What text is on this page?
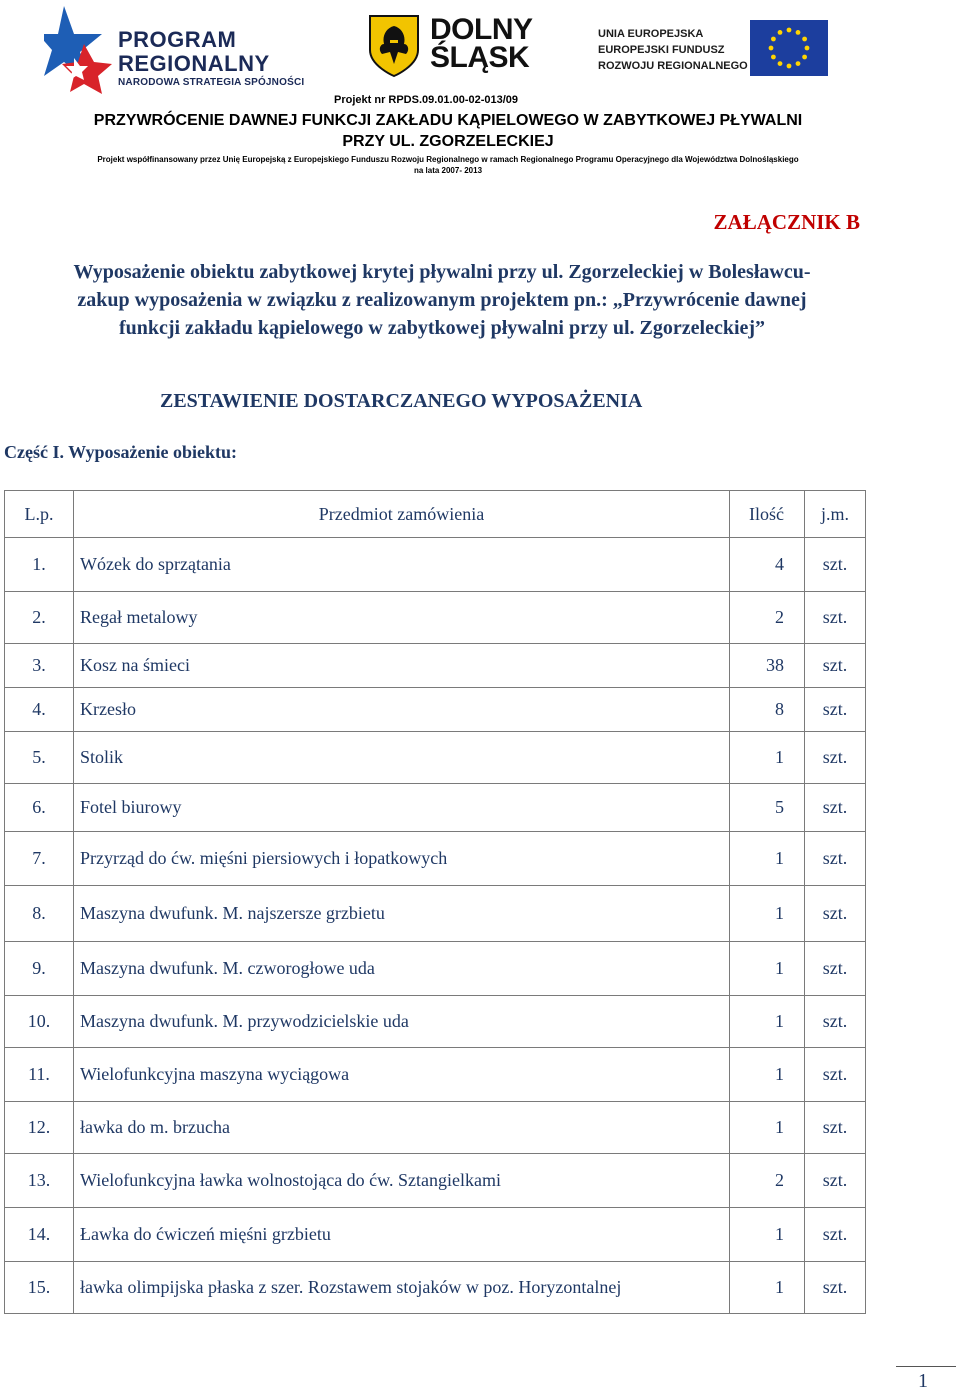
PROGRAM
REGIONALNY
NARODOWA STRATEGIA SPÓJNOŚCI
DOLNY
ŚLĄSK
UNIA EUROPEJSKA
EUROPEJSKI FUNDUSZ
ROZWOJU REGIONALNEGO
Projekt nr RPDS.09.01.00-02-013/09
PRZYWRÓCENIE DAWNEJ FUNKCJI ZAKŁADU KĄPIELOWEGO W ZABYTKOWEJ PŁYWALNI
PRZY UL. ZGORZELECKIEJ
Projekt współfinansowany przez Unię Europejską z Europejskiego Funduszu Rozwoju Regionalnego w ramach Regionalnego Programu Operacyjnego dla Województwa Dolnośląskiego
na lata 2007- 2013
ZAŁĄCZNIK B
Wyposażenie obiektu zabytkowej krytej pływalni przy ul. Zgorzeleckiej w Bolesławcu-
zakup wyposażenia w związku z realizowanym projektem pn.: „Przywrócenie dawnej
funkcji zakładu kąpielowego w zabytkowej pływalni przy ul. Zgorzeleckiej”
ZESTAWIENIE DOSTARCZANEGO WYPOSAŻENIA
Część I. Wyposażenie obiektu:
L.p.	Przedmiot zamówienia	Ilość	j.m.
1.	Wózek do sprzątania	4	szt.
2.	Regał metalowy	2	szt.
3.	Kosz na śmieci	38	szt.
4.	Krzesło	8	szt.
5.	Stolik	1	szt.
6.	Fotel biurowy	5	szt.
7.	Przyrząd do ćw. mięśni piersiowych i łopatkowych	1	szt.
8.	Maszyna dwufunk. M. najszersze grzbietu	1	szt.
9.	Maszyna dwufunk. M. czworogłowe uda	1	szt.
10.	Maszyna dwufunk. M. przywodzicielskie uda	1	szt.
11.	Wielofunkcyjna maszyna wyciągowa	1	szt.
12.	ławka do m. brzucha	1	szt.
13.	Wielofunkcyjna ławka wolnostojąca do ćw. Sztangielkami	2	szt.
14.	Ławka do ćwiczeń mięśni grzbietu	1	szt.
15.	ławka olimpijska płaska z szer. Rozstawem stojaków w poz. Horyzontalnej	1	szt.
1
